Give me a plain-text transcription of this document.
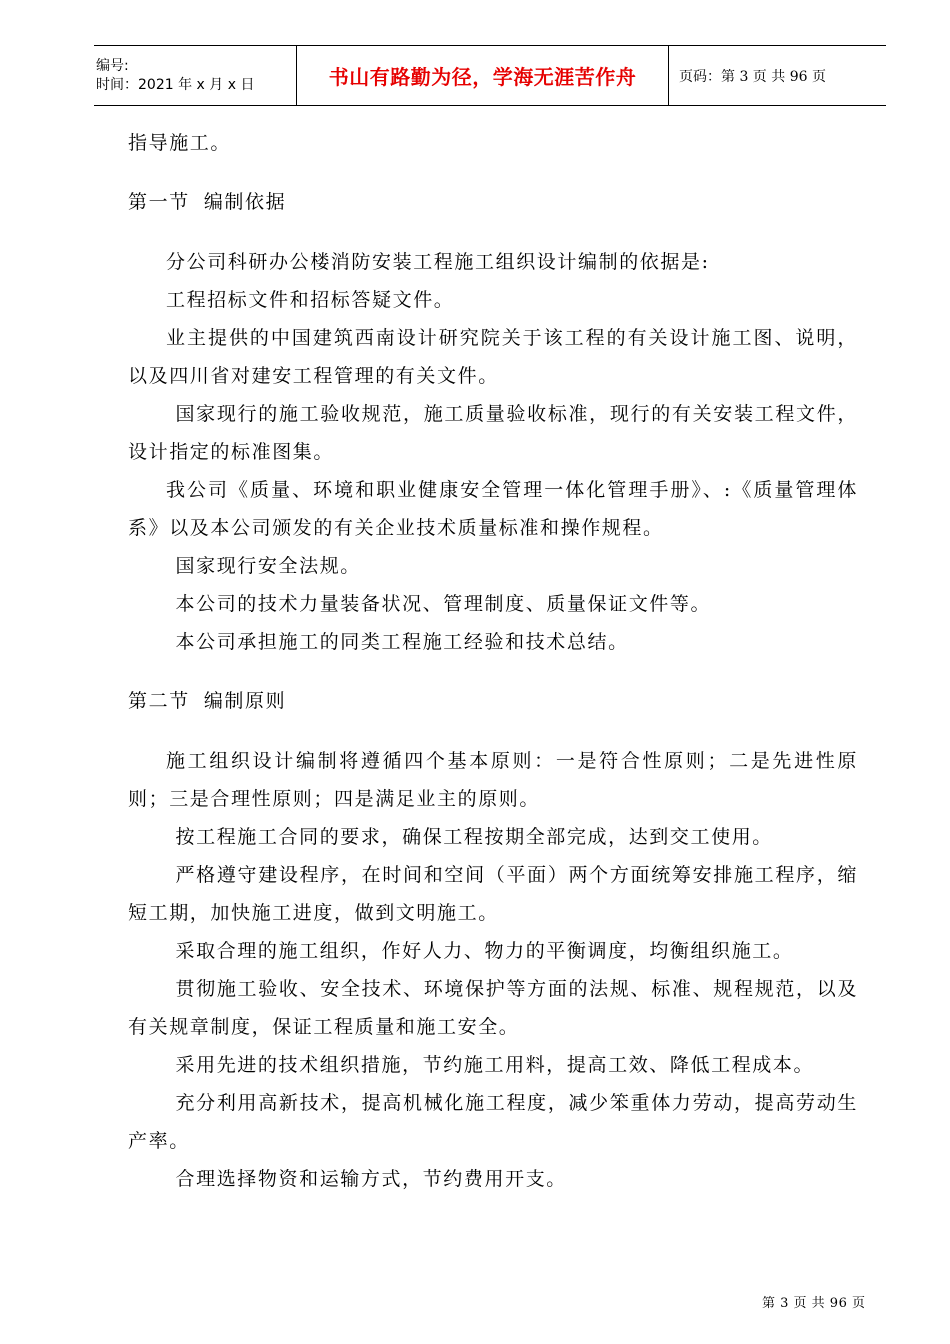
编号:
时间：2021 年 x 月 x 日	书山有路勤为径，学海无涯苦作舟	页码：第 3 页 共 96 页

指导施工。

第一节 编制依据

分公司科研办公楼消防安装工程施工组织设计编制的依据是:

工程招标文件和招标答疑文件。

业主提供的中国建筑西南设计研究院关于该工程的有关设计施工图、说明，以及四川省对建安工程管理的有关文件。

国家现行的施工验收规范，施工质量验收标准，现行的有关安装工程文件，设计指定的标准图集。

我公司《质量、环境和职业健康安全管理一体化管理手册》、:《质量管理体系》以及本公司颁发的有关企业技术质量标准和操作规程。

国家现行安全法规。

本公司的技术力量装备状况、管理制度、质量保证文件等。

本公司承担施工的同类工程施工经验和技术总结。

第二节 编制原则

施工组织设计编制将遵循四个基本原则：一是符合性原则；二是先进性原则；三是合理性原则；四是满足业主的原则。

按工程施工合同的要求，确保工程按期全部完成，达到交工使用。

严格遵守建设程序，在时间和空间（平面）两个方面统筹安排施工程序，缩短工期，加快施工进度，做到文明施工。

采取合理的施工组织，作好人力、物力的平衡调度，均衡组织施工。

贯彻施工验收、安全技术、环境保护等方面的法规、标准、规程规范，以及有关规章制度，保证工程质量和施工安全。

采用先进的技术组织措施，节约施工用料，提高工效、降低工程成本。

充分利用高新技术，提高机械化施工程度，减少笨重体力劳动，提高劳动生产率。

合理选择物资和运输方式，节约费用开支。

第 3 页 共 96 页
